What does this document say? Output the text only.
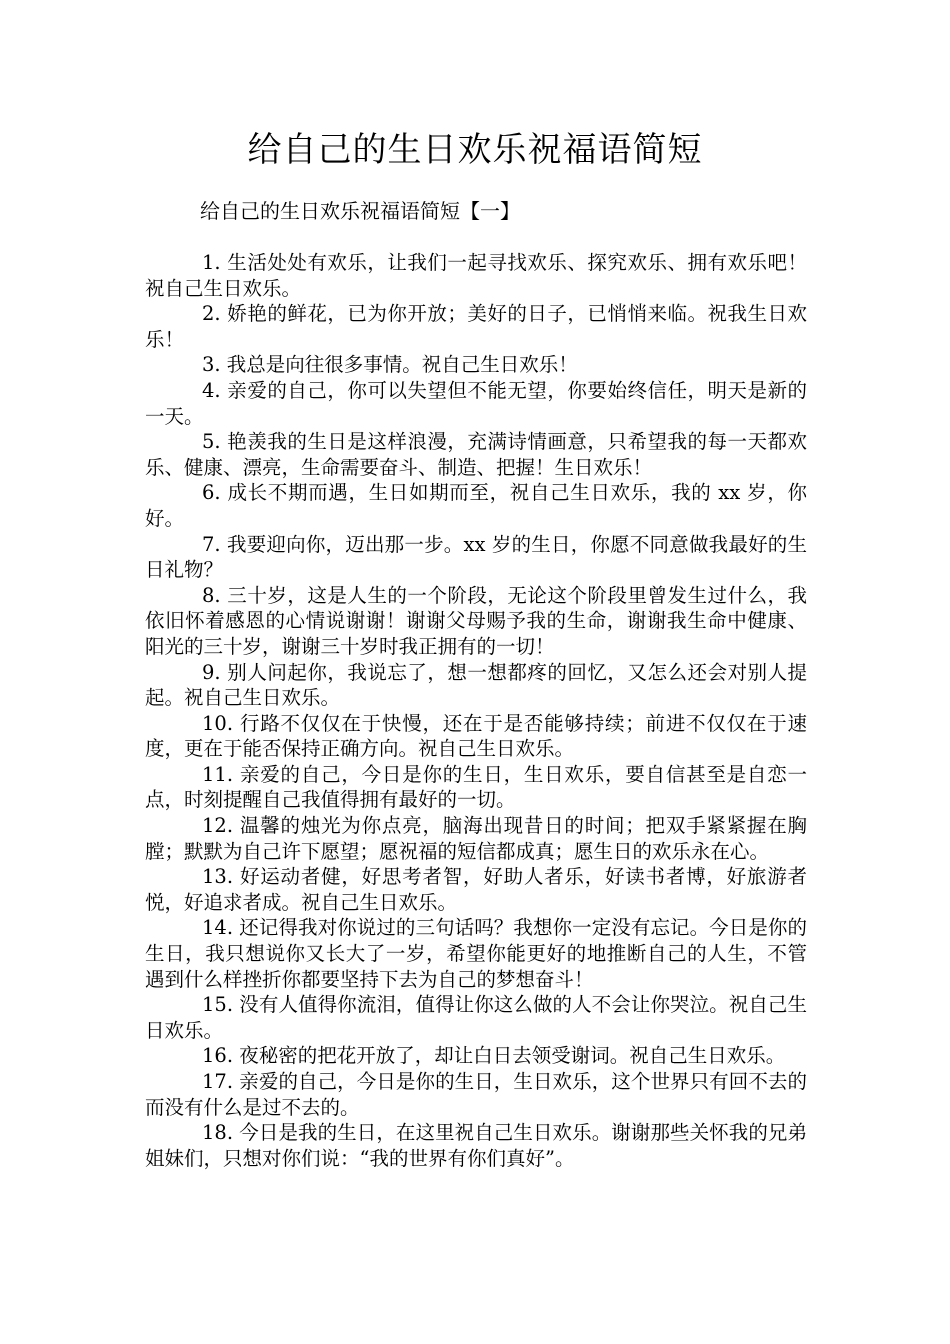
给自己的生日欢乐祝福语简短
给自己的生日欢乐祝福语简短【一】

1. 生活处处有欢乐，让我们一起寻找欢乐、探究欢乐、拥有欢乐吧！祝自己生日欢乐。

2. 娇艳的鲜花，已为你开放；美好的日子，已悄悄来临。祝我生日欢乐！

3. 我总是向往很多事情。祝自己生日欢乐！

4. 亲爱的自己，你可以失望但不能无望，你要始终信任，明天是新的一天。

5. 艳羡我的生日是这样浪漫，充满诗情画意，只希望我的每一天都欢乐、健康、漂亮，生命需要奋斗、制造、把握！生日欢乐！

6. 成长不期而遇，生日如期而至，祝自己生日欢乐，我的 xx 岁，你好。

7. 我要迎向你，迈出那一步。xx 岁的生日，你愿不同意做我最好的生日礼物？

8. 三十岁，这是人生的一个阶段，无论这个阶段里曾发生过什么，我依旧怀着感恩的心情说谢谢！谢谢父母赐予我的生命，谢谢我生命中健康、阳光的三十岁，谢谢三十岁时我正拥有的一切！

9. 别人问起你，我说忘了，想一想都疼的回忆，又怎么还会对别人提起。祝自己生日欢乐。

10. 行路不仅仅在于快慢，还在于是否能够持续；前进不仅仅在于速度，更在于能否保持正确方向。祝自己生日欢乐。

11. 亲爱的自己，今日是你的生日，生日欢乐，要自信甚至是自恋一点，时刻提醒自己我值得拥有最好的一切。

12. 温馨的烛光为你点亮，脑海出现昔日的时间；把双手紧紧握在胸膛；默默为自己许下愿望；愿祝福的短信都成真；愿生日的欢乐永在心。

13. 好运动者健，好思考者智，好助人者乐，好读书者博，好旅游者悦，好追求者成。祝自己生日欢乐。

14. 还记得我对你说过的三句话吗？我想你一定没有忘记。今日是你的生日，我只想说你又长大了一岁，希望你能更好的地推断自己的人生，不管遇到什么样挫折你都要坚持下去为自己的梦想奋斗！

15. 没有人值得你流泪，值得让你这么做的人不会让你哭泣。祝自己生日欢乐。

16. 夜秘密的把花开放了，却让白日去领受谢词。祝自己生日欢乐。

17. 亲爱的自己，今日是你的生日，生日欢乐，这个世界只有回不去的而没有什么是过不去的。

18. 今日是我的生日，在这里祝自己生日欢乐。谢谢那些关怀我的兄弟姐妹们，只想对你们说：“我的世界有你们真好”。
